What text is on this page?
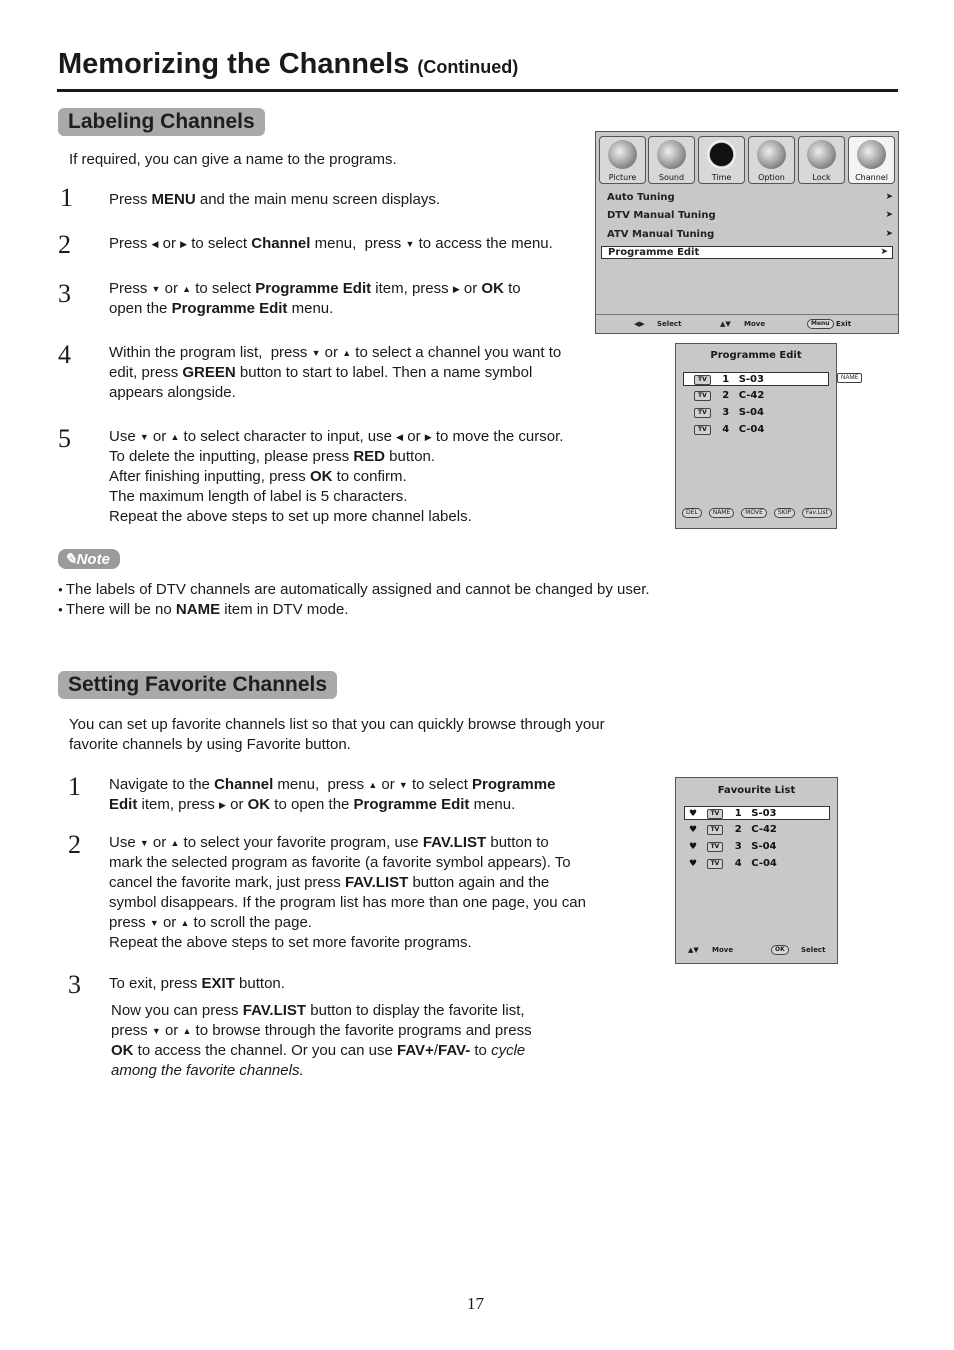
Memorizing the Channels (Continued)
Labeling Channels
If required, you can give a name to the programs.
1 Press MENU and the main menu screen displays.
2	Press ◀ or ▶ to select Channel menu,  press ▼ to access the menu.
3	Press ▼ or ▲ to select Programme Edit item, press ▶ or OK to
open the Programme Edit menu.
4	Within the program list,  press ▼ or ▲ to select a channel you want to
edit, press GREEN button to start to label. Then a name symbol
appears alongside.
5	Use ▼ or ▲ to select character to input, use ◀ or ▶ to move the cursor.
To delete the inputting, please press RED button.
After finishing inputting, press OK to confirm.
The maximum length of label is 5 characters.
Repeat the above steps to set up more channel labels.
✎Note
● The labels of DTV channels are automatically assigned and cannot be changed by user.
● There will be no NAME item in DTV mode.
Setting Favorite Channels
You can set up favorite channels list so that you can quickly browse through your
favorite channels by using Favorite button.
1 Navigate to the Channel menu,  press ▲ or ▼ to select Programme
Edit item, press ▶ or OK to open the Programme Edit menu.
2 Use ▼ or ▲ to select your favorite program, use FAV.LIST button to
mark the selected program as favorite (a favorite symbol appears). To
cancel the favorite mark, just press FAV.LIST button again and the
symbol disappears. If the program list has more than one page, you can
press ▼ or ▲ to scroll the page.
Repeat the above steps to set more favorite programs.
3 To exit, press EXIT button.
Now you can press FAV.LIST button to display the favorite list,
press ▼ or ▲ to browse through the favorite programs and press
OK to access the channel. Or you can use FAV+/FAV- to cycle
among the favorite channels.
Picture	Sound	Time	Option	Lock	Channel
Auto Tuning	➤
DTV Manual Tuning	➤
ATV Manual Tuning	➤
Programme Edit	➤
◀▶ Select	▲▼ Move	Menu Exit
Programme Edit
TV 1 S-03
TV 2 C-42
TV 3 S-04
TV 4 C-04
DEL	NAME	MOVE	SKIP	Fav.List
NAME
Favourite List
♥ TV 1 S-03
♥ TV 2 C-42
♥ TV 3 S-04
♥ TV 4 C-04
▲▼ Move	OK	Select
17
